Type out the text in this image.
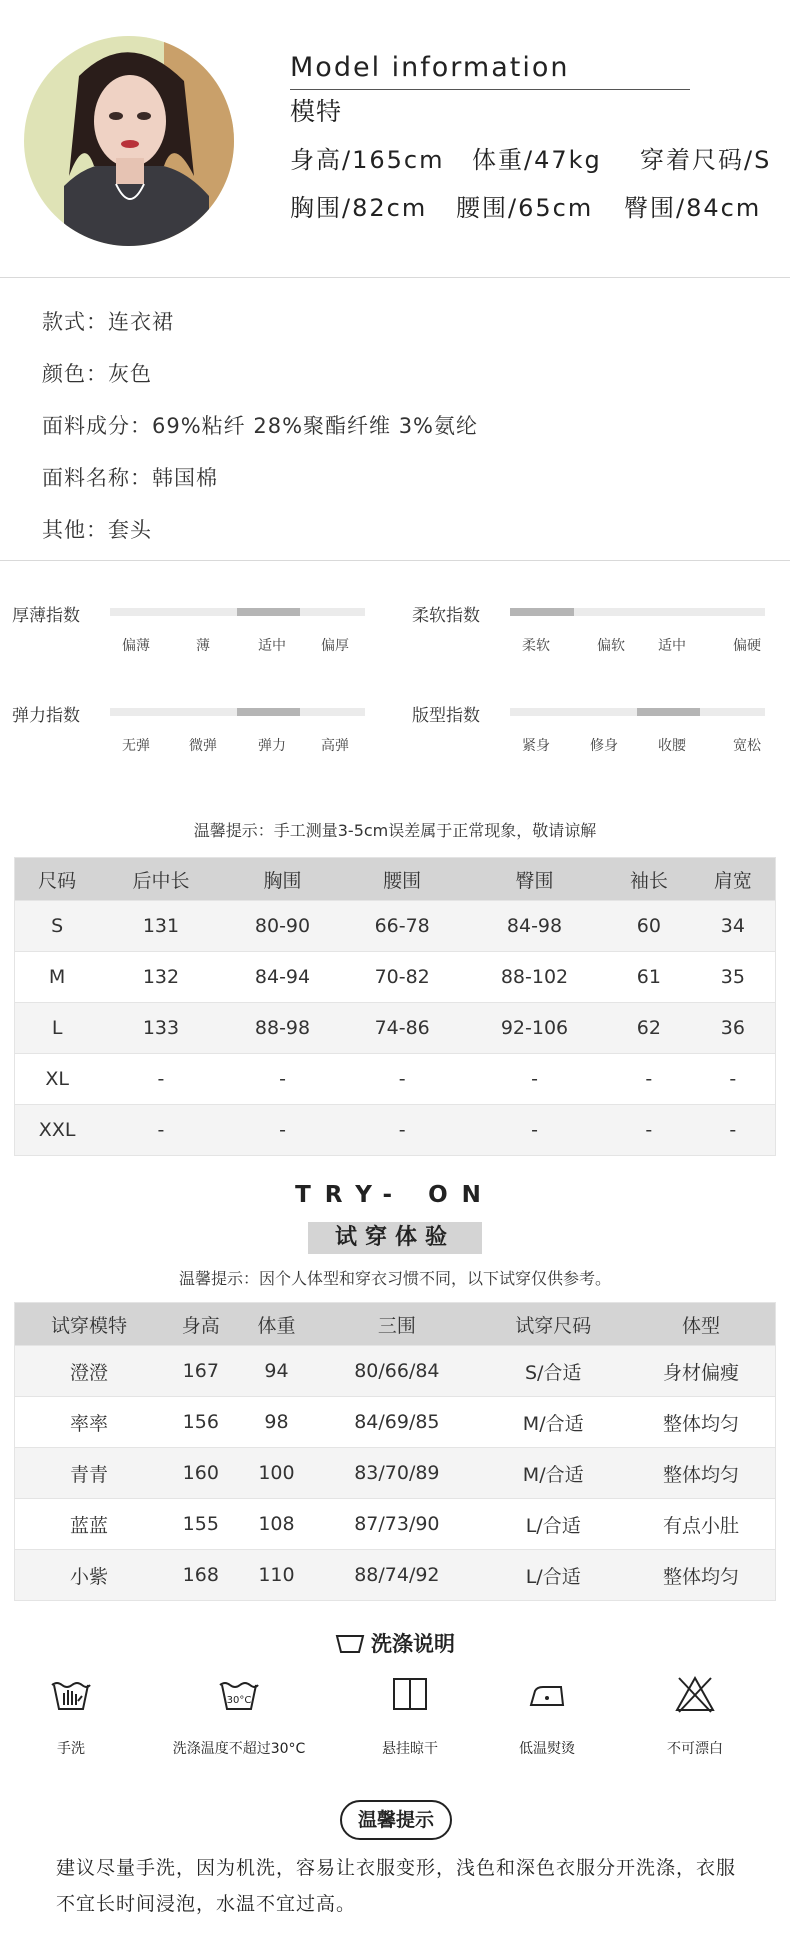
Model information
模特
身高/165cm 体重/47kg 穿着尺码/S
胸围/82cm 腰围/65cm 臀围/84cm
款式：连衣裙
颜色：灰色
面料成分：69%粘纤 28%聚酯纤维 3%氨纶
面料名称：韩国棉
其他：套头
厚薄指数
偏薄	薄	适中	偏厚
柔软指数
柔软	偏软	适中	偏硬
弹力指数
无弹	微弹	弹力	高弹
版型指数
紧身	修身	收腰	宽松
温馨提示：手工测量3-5cm误差属于正常现象，敬请谅解
尺码	后中长	胸围	腰围	臀围	袖长	肩宽
S	131	80-90	66-78	84-98	60	34
M	132	84-94	70-82	88-102	61	35
L	133	88-98	74-86	92-106	62	36
XL	-	-	-	-	-	-
XXL	-	-	-	-	-	-
TRY- ON
试穿体验
温馨提示：因个人体型和穿衣习惯不同，以下试穿仅供参考。
试穿模特	身高	体重	三围	试穿尺码	体型
澄澄	167	94	80/66/84	S/合适	身材偏瘦
率率	156	98	84/69/85	M/合适	整体均匀
青青	160	100	83/70/89	M/合适	整体均匀
蓝蓝	155	108	87/73/90	L/合适	有点小肚
小紫	168	110	88/74/92	L/合适	整体均匀
洗涤说明
手洗
30°C
洗涤温度不超过30°C	悬挂晾干	低温熨烫	不可漂白
温馨提示
建议尽量手洗，因为机洗，容易让衣服变形，浅色和深色衣服分开洗涤，衣服不宜长时间浸泡，水温不宜过高。
